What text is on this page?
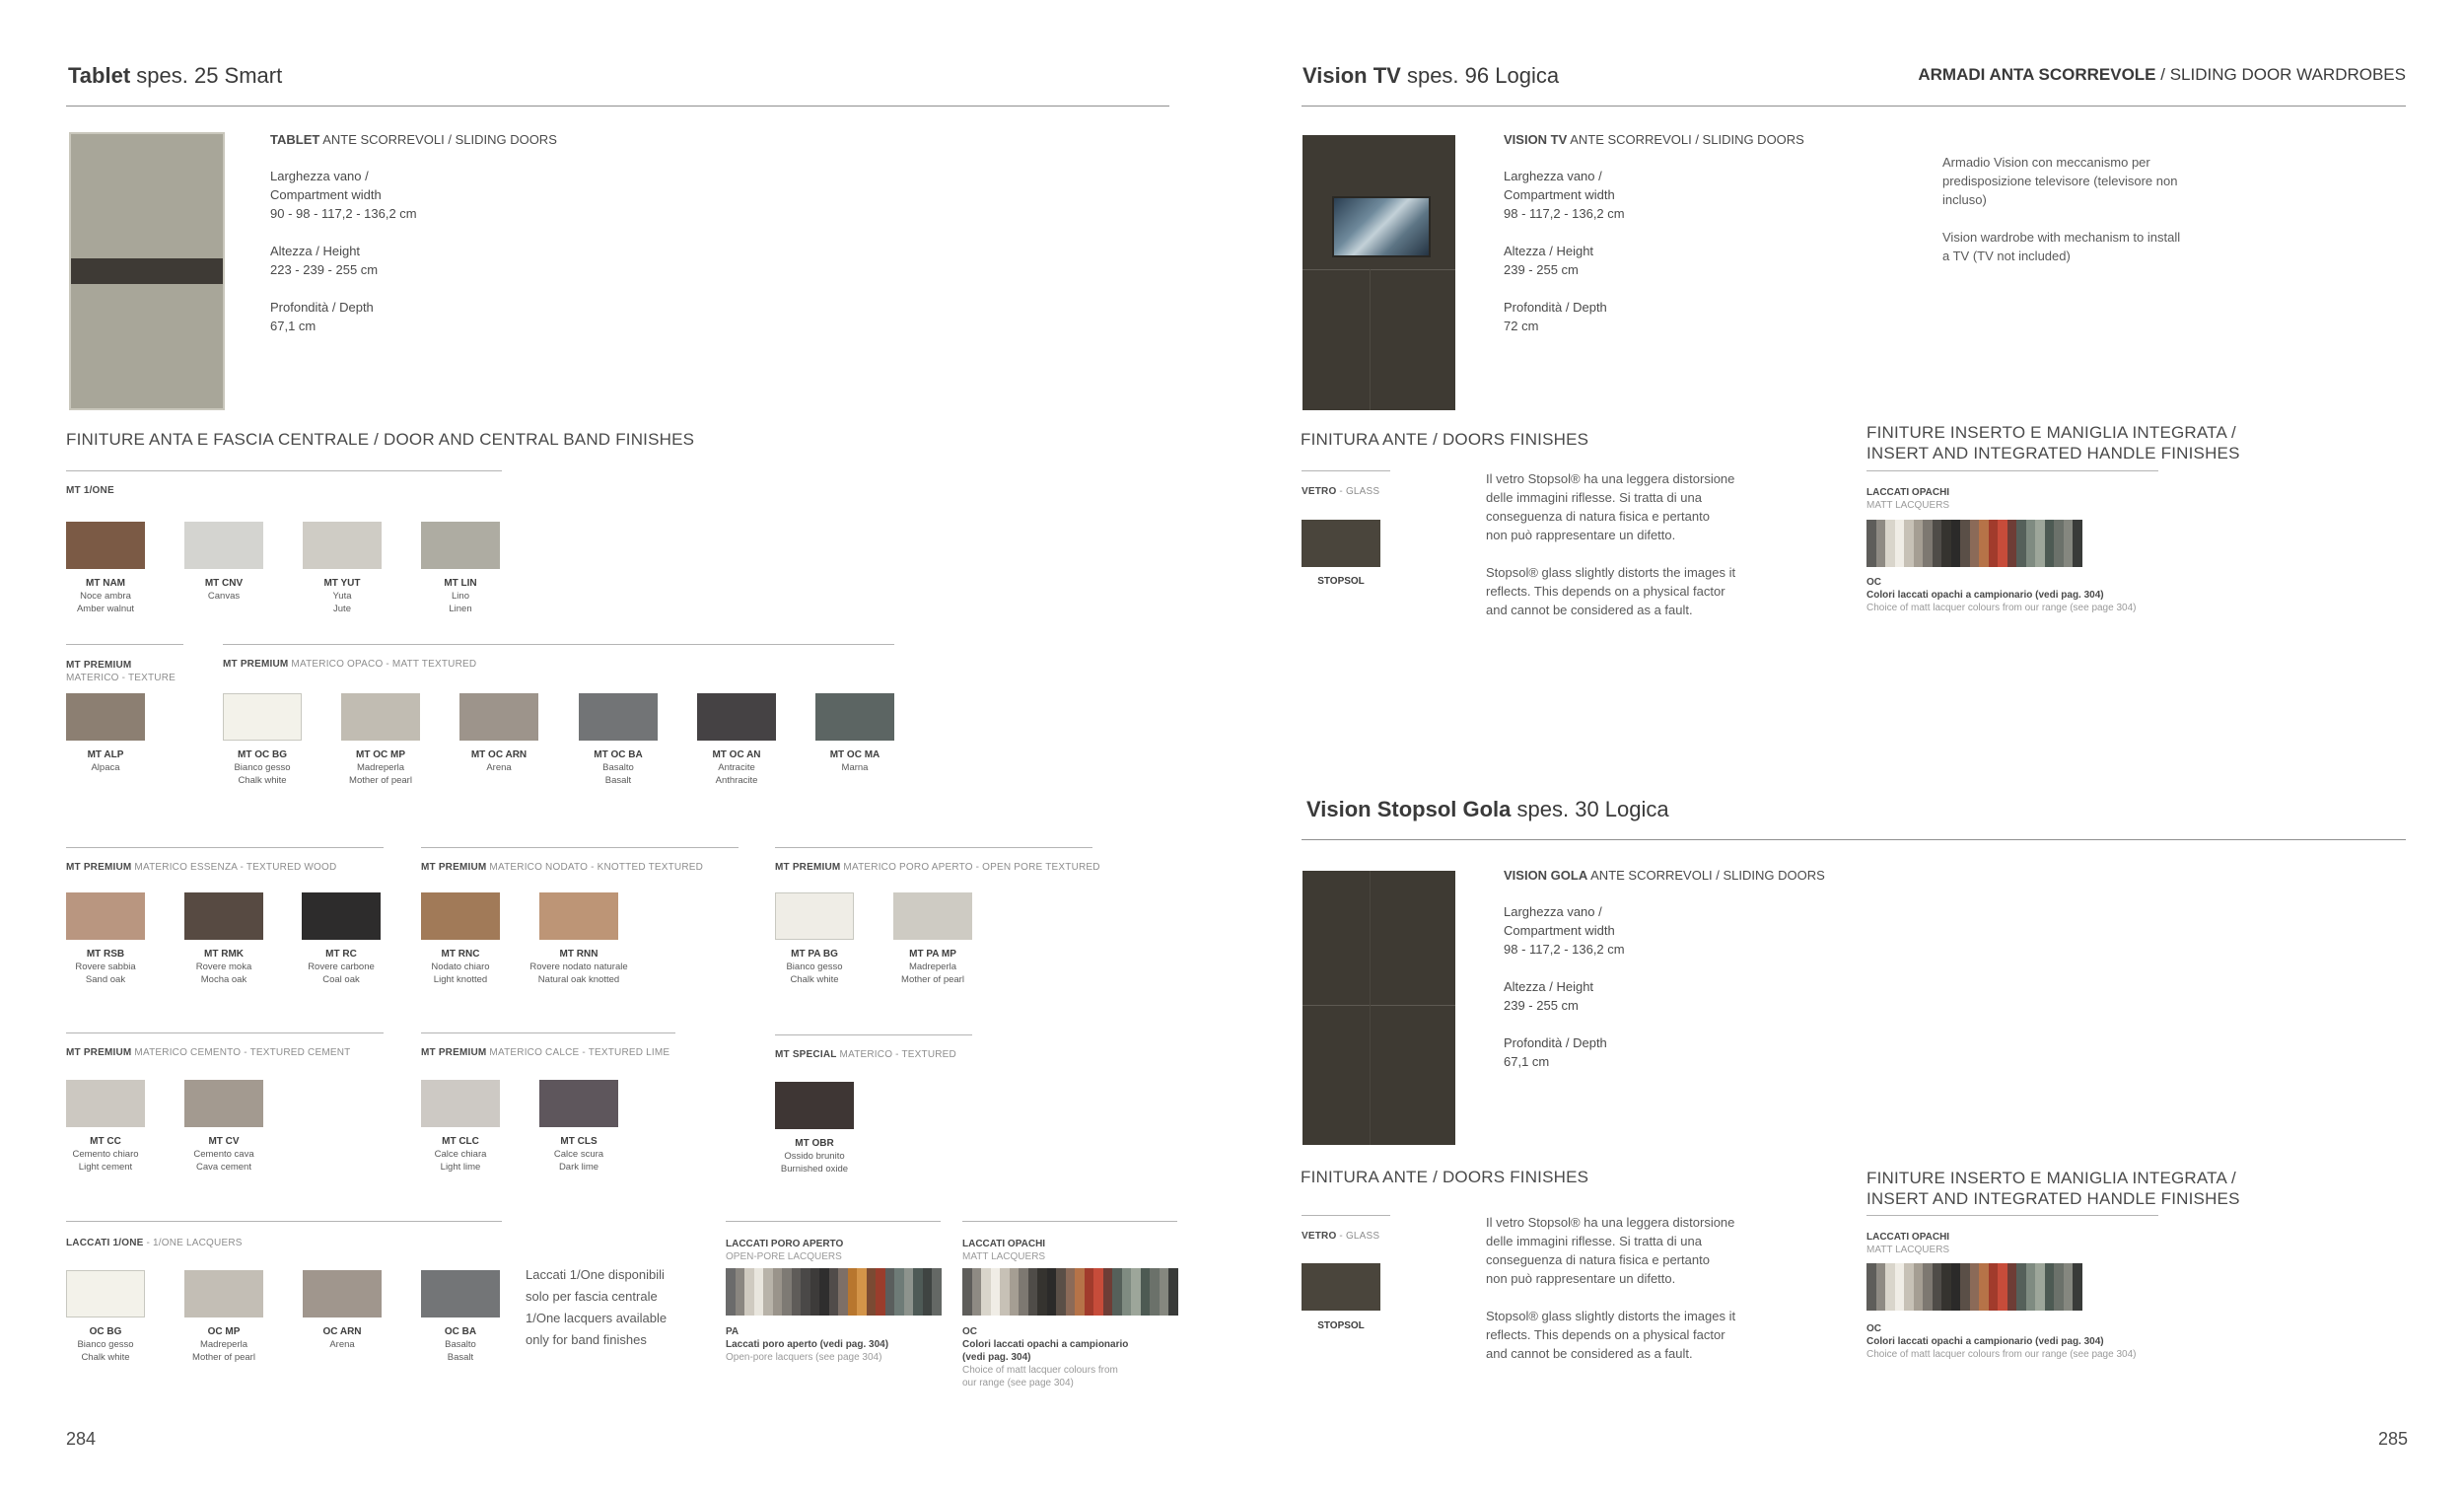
Tablet spes. 25 Smart
TABLET ANTE SCORREVOLI / SLIDING DOORS
Larghezza vano /
Compartment width
90 - 98 - 117,2 - 136,2 cm
Altezza / Height
223 - 239 - 255 cm
Profondità / Depth
67,1 cm
FINITURE ANTA E FASCIA CENTRALE / DOOR AND CENTRAL BAND FINISHES
MT 1/ONE
MT PREMIUM
MATERICO - TEXTURE
MT PREMIUM MATERICO OPACO - MATT TEXTURED
MT PREMIUM MATERICO ESSENZA - TEXTURED WOOD	MT PREMIUM MATERICO NODATO - KNOTTED TEXTURED	MT PREMIUM MATERICO PORO APERTO - OPEN PORE TEXTURED
MT PREMIUM MATERICO CEMENTO - TEXTURED CEMENT	MT PREMIUM MATERICO CALCE - TEXTURED LIME	MT SPECIAL MATERICO - TEXTURED
LACCATI 1/ONE - 1/ONE LACQUERS
MT NAM
Noce ambra
Amber walnut
MT CNV
Canvas
MT YUT
Yuta
Jute
MT LIN
Lino
Linen
MT ALP
Alpaca
MT OC BG
Bianco gesso
Chalk white
MT OC MP
Madreperla
Mother of pearl
MT OC ARN
Arena
MT OC BA
Basalto
Basalt
MT OC AN
Antracite
Anthracite
MT OC MA
Marna
MT RSB
Rovere sabbia
Sand oak
MT RMK
Rovere moka
Mocha oak
MT RC
Rovere carbone
Coal oak
MT RNC
Nodato chiaro
Light knotted
MT RNN
Rovere nodato naturale
Natural oak knotted
MT PA BG
Bianco gesso
Chalk white
MT PA MP
Madreperla
Mother of pearl
MT CC
Cemento chiaro
Light cement
MT CV
Cemento cava
Cava cement
MT CLC
Calce chiara
Light lime
MT CLS
Calce scura
Dark lime
MT OBR
Ossido brunito
Burnished oxide
OC BG
Bianco gesso
Chalk white
OC MP
Madreperla
Mother of pearl
OC ARN
Arena
OC BA
Basalto
Basalt
Laccati 1/One disponibili
solo per fascia centrale
1/One lacquers available
only for band finishes
LACCATI PORO APERTO
OPEN-PORE LACQUERS
PA
Laccati poro aperto (vedi pag. 304)
Open-pore lacquers (see page 304)
LACCATI OPACHI
MATT LACQUERS
OC
Colori laccati opachi a campionario
(vedi pag. 304)
Choice of matt lacquer colours from
our range (see page 304)
284
Vision TV spes. 96 Logica	ARMADI ANTA SCORREVOLE / SLIDING DOOR WARDROBES
VISION TV ANTE SCORREVOLI / SLIDING DOORS
Larghezza vano /
Compartment width
98 - 117,2 - 136,2 cm
Altezza / Height
239 - 255 cm
Profondità / Depth
72 cm
Armadio Vision con meccanismo per
predisposizione televisore (televisore non
incluso)
Vision wardrobe with mechanism to install
a TV (TV not included)
FINITURA ANTE / DOORS FINISHES
VETRO - GLASS
STOPSOL
Il vetro Stopsol® ha una leggera distorsione
delle immagini riflesse. Si tratta di una
conseguenza di natura fisica e pertanto
non può rappresentare un difetto.
Stopsol® glass slightly distorts the images it
reflects. This depends on a physical factor
and cannot be considered as a fault.
FINITURE INSERTO E MANIGLIA INTEGRATA /
INSERT AND INTEGRATED HANDLE FINISHES
LACCATI OPACHI
MATT LACQUERS
OC
Colori laccati opachi a campionario (vedi pag. 304)
Choice of matt lacquer colours from our range (see page 304)
Vision Stopsol Gola spes. 30 Logica
VISION GOLA ANTE SCORREVOLI / SLIDING DOORS
Larghezza vano /
Compartment width
98 - 117,2 - 136,2 cm
Altezza / Height
239 - 255 cm
Profondità / Depth
67,1 cm
FINITURA ANTE / DOORS FINISHES
VETRO - GLASS
STOPSOL
Il vetro Stopsol® ha una leggera distorsione
delle immagini riflesse. Si tratta di una
conseguenza di natura fisica e pertanto
non può rappresentare un difetto.
Stopsol® glass slightly distorts the images it
reflects. This depends on a physical factor
and cannot be considered as a fault.
FINITURE INSERTO E MANIGLIA INTEGRATA /
INSERT AND INTEGRATED HANDLE FINISHES
LACCATI OPACHI
MATT LACQUERS
OC
Colori laccati opachi a campionario (vedi pag. 304)
Choice of matt lacquer colours from our range (see page 304)
285
